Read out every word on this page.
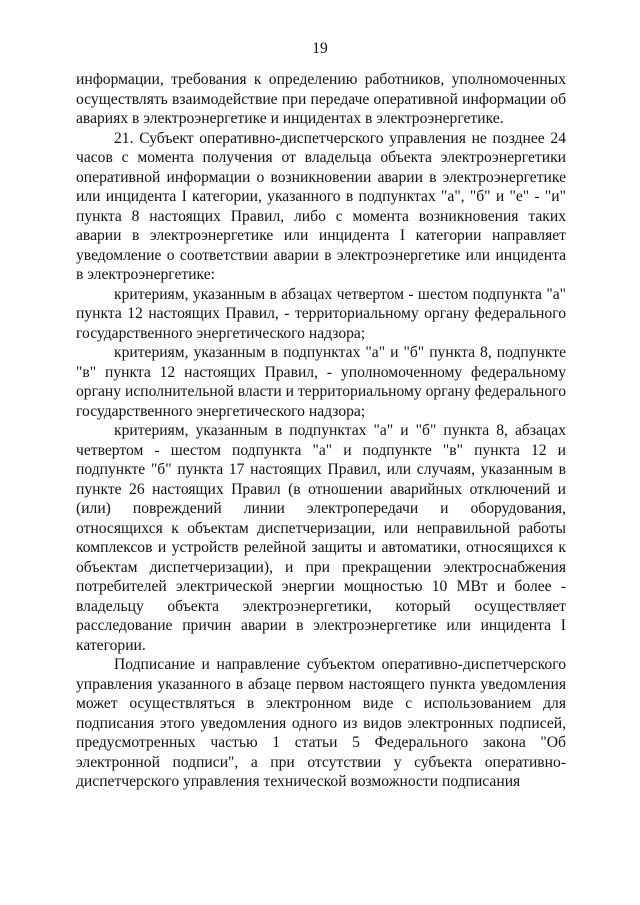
19

информации, требования к определению работников, уполномоченных осуществлять взаимодействие при передаче оперативной информации об авариях в электроэнергетике и инцидентах в электроэнергетике.

21. Субъект оперативно-диспетчерского управления не позднее 24 часов с момента получения от владельца объекта электроэнергетики оперативной информации о возникновении аварии в электроэнергетике или инцидента I категории, указанного в подпунктах "а", "б" и "е" - "и" пункта 8 настоящих Правил, либо с момента возникновения таких аварии в электроэнергетике или инцидента I категории направляет уведомление о соответствии аварии в электроэнергетике или инцидента в электроэнергетике:

критериям, указанным в абзацах четвертом - шестом подпункта "а" пункта 12 настоящих Правил, - территориальному органу федерального государственного энергетического надзора;

критериям, указанным в подпунктах "а" и "б" пункта 8, подпункте "в" пункта 12 настоящих Правил, - уполномоченному федеральному органу исполнительной власти и территориальному органу федерального государственного энергетического надзора;

критериям, указанным в подпунктах "а" и "б" пункта 8, абзацах четвертом - шестом подпункта "а" и подпункте "в" пункта 12 и подпункте "б" пункта 17 настоящих Правил, или случаям, указанным в пункте 26 настоящих Правил (в отношении аварийных отключений и (или) повреждений линии электропередачи и оборудования, относящихся к объектам диспетчеризации, или неправильной работы комплексов и устройств релейной защиты и автоматики, относящихся к объектам диспетчеризации), и при прекращении электроснабжения потребителей электрической энергии мощностью 10 МВт и более - владельцу объекта электроэнергетики, который осуществляет расследование причин аварии в электроэнергетике или инцидента I категории.

Подписание и направление субъектом оперативно-диспетчерского управления указанного в абзаце первом настоящего пункта уведомления может осуществляться в электронном виде с использованием для подписания этого уведомления одного из видов электронных подписей, предусмотренных частью 1 статьи 5 Федерального закона "Об электронной подписи", а при отсутствии у субъекта оперативно-диспетчерского управления технической возможности подписания
